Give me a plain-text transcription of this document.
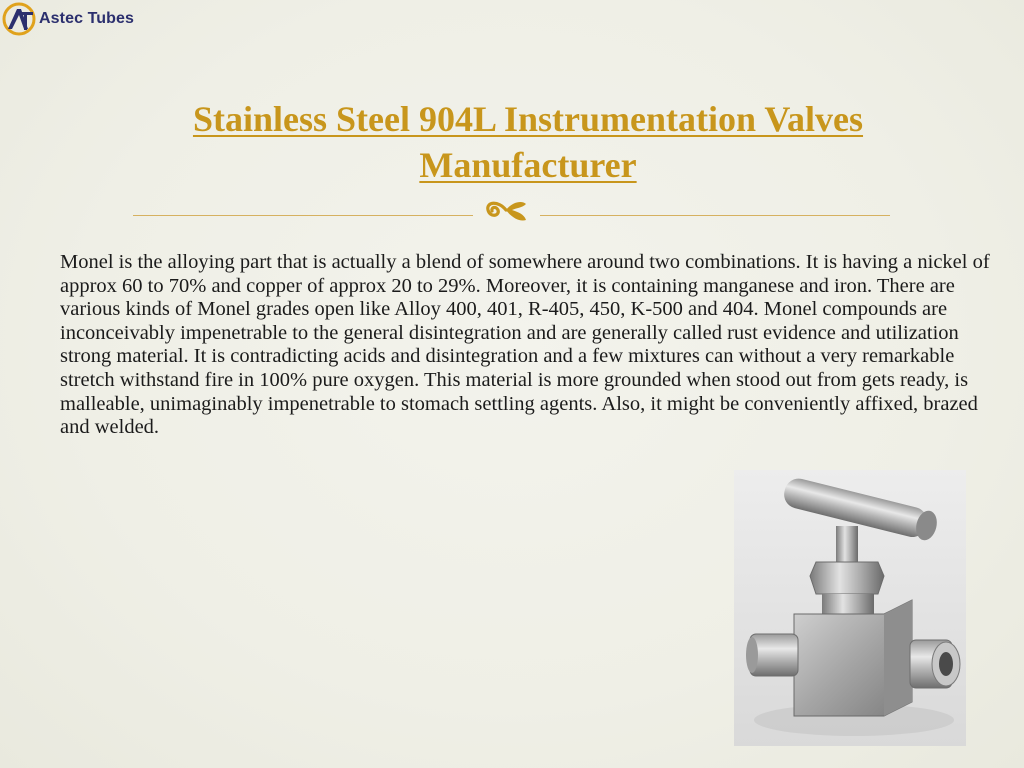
Astec Tubes
Stainless Steel 904L Instrumentation Valves Manufacturer

Monel is the alloying part that is actually a blend of somewhere around two combinations. It is having a nickel of approx 60 to 70% and copper of approx 20 to 29%. Moreover, it is containing manganese and iron. There are various kinds of Monel grades open like Alloy 400, 401, R-405, 450, K-500 and 404. Monel compounds are inconceivably impenetrable to the general disintegration and are generally called rust evidence and utilization strong material. It is contradicting acids and disintegration and a few mixtures can without a very remarkable stretch withstand fire in 100% pure oxygen. This material is more grounded when stood out from gets ready, is malleable, unimaginably impenetrable to stomach settling agents. Also, it might be conveniently affixed, brazed and welded.
